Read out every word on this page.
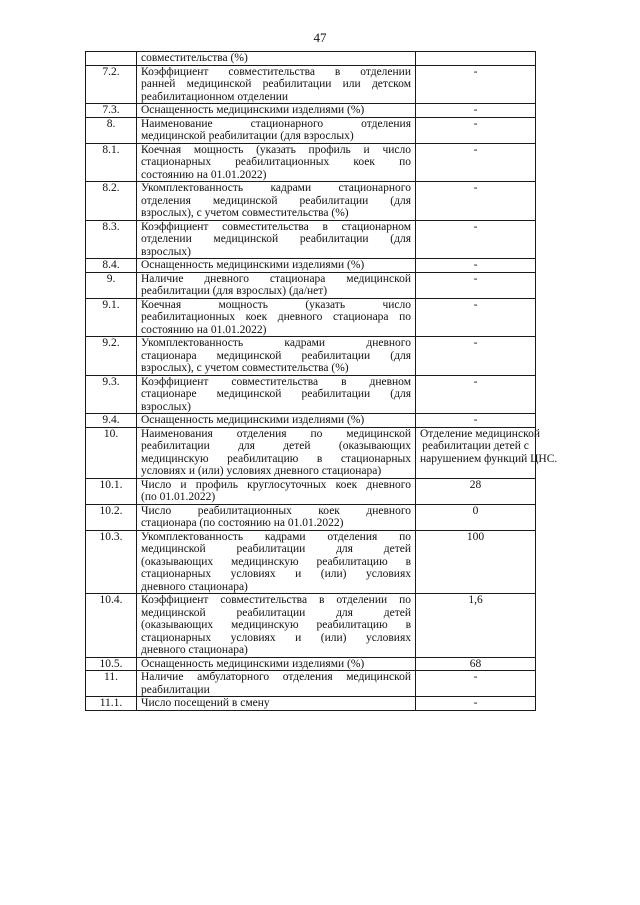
47

	совместительства (%)	

7.2.	Коэффициент совместительства в отделении
ранней медицинской реабилитации или детском
реабилитационном отделении	-

7.3.	Оснащенность медицинскими изделиями (%)	-

8.	Наименование стационарного отделения
медицинской реабилитации (для взрослых)	-

8.1.	Коечная мощность (указать профиль и число
стационарных реабилитационных коек по
состоянию на 01.01.2022)	-

8.2.	Укомплектованность кадрами стационарного
отделения медицинской реабилитации (для
взрослых), с учетом совместительства (%)	-

8.3.	Коэффициент совместительства в стационарном
отделении медицинской реабилитации (для
взрослых)	-

8.4.	Оснащенность медицинскими изделиями (%)	-

9.	Наличие дневного стационара медицинской
реабилитации (для взрослых) (да/нет)	-

9.1.	Коечная мощность (указать число
реабилитационных коек дневного стационара по
состоянию на 01.01.2022)	-

9.2.	Укомплектованность кадрами дневного
стационара медицинской реабилитации (для
взрослых), с учетом совместительства (%)	-

9.3.	Коэффициент совместительства в дневном
стационаре медицинской реабилитации (для
взрослых)	-

9.4.	Оснащенность медицинскими изделиями (%)	-

10.	Наименования отделения по медицинской
реабилитации для детей (оказывающих
медицинскую реабилитацию в стационарных
условиях и (или) условиях дневного стационара)	Отделение медицинской
реабилитации детей с
нарушением функций ЦНС.

10.1.	Число и профиль круглосуточных коек дневного
(по 01.01.2022)	28

10.2.	Число реабилитационных коек дневного
стационара (по состоянию на 01.01.2022)	0

10.3.	Укомплектованность кадрами отделения по
медицинской реабилитации для детей
(оказывающих медицинскую реабилитацию в
стационарных условиях и (или) условиях
дневного стационара)	100

10.4.	Коэффициент совместительства в отделении по
медицинской реабилитации для детей
(оказывающих медицинскую реабилитацию в
стационарных условиях и (или) условиях
дневного стационара)	1,6

10.5.	Оснащенность медицинскими изделиями (%)	68

11.	Наличие амбулаторного отделения медицинской
реабилитации	-

11.1.	Число посещений в смену	-
